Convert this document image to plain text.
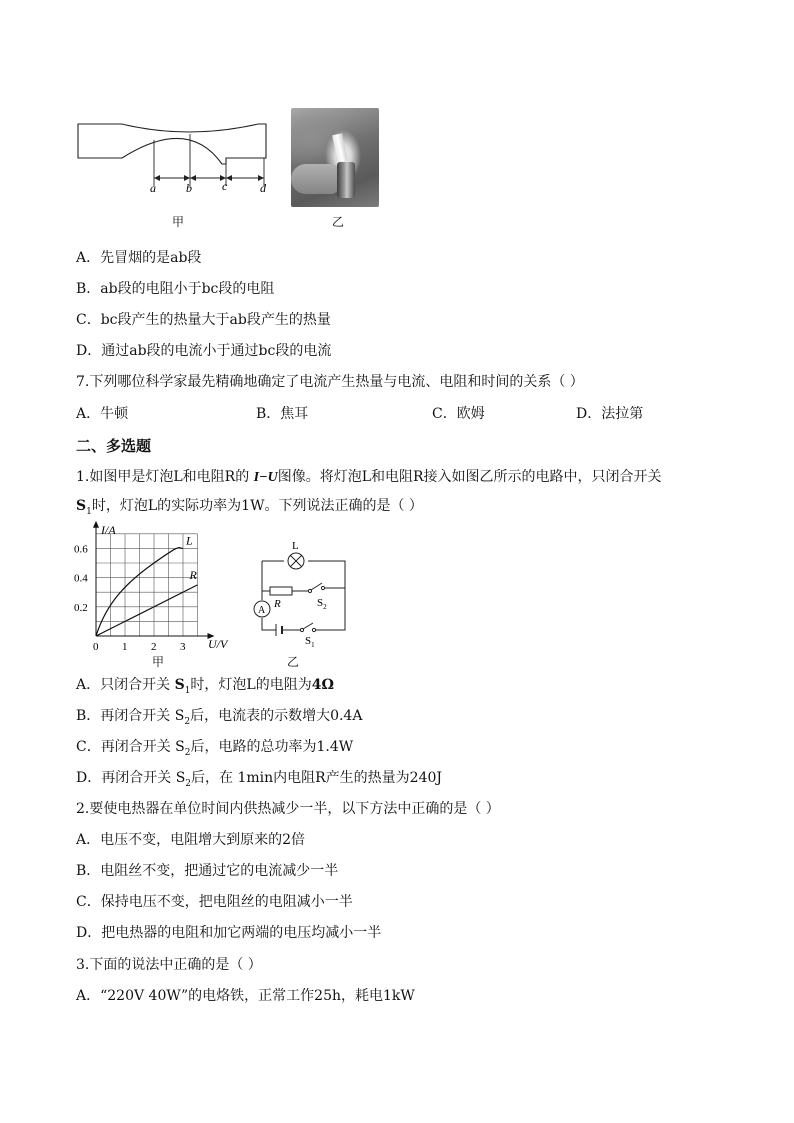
a	b	c	d
甲	乙
A．先冒烟的是ab段
B．ab段的电阻小于bc段的电阻
C．bc段产生的热量大于ab段产生的热量
D．通过ab段的电流小于通过bc段的电流
7.下列哪位科学家最先精确地确定了电流产生热量与电流、电阻和时间的关系（ ）
A．牛顿	B．焦耳	C．欧姆	D．法拉第
二、多选题
1.如图甲是灯泡L和电阻R的 I−U图像。将灯泡L和电阻R接入如图乙所示的电路中，只闭合开关
$S_1$时，灯泡L的实际功率为1W。下列说法正确的是（ ）
L
R
0 1 2 3
0.2
0.4
0.6
I/A
U/V
甲
L
R	$S_2$
A
$S_1$
乙
A．只闭合开关 $S_1$时，灯泡L的电阻为4Ω
B．再闭合开关 $S_2$后，电流表的示数增大0.4A
C．再闭合开关 $S_2$后，电路的总功率为1.4W
D．再闭合开关 $S_2$后，在 1min内电阻R产生的热量为240J
2.要使电热器在单位时间内供热减少一半，以下方法中正确的是（ ）
A．电压不变，电阻增大到原来的2倍
B．电阻丝不变，把通过它的电流减少一半
C．保持电压不变，把电阻丝的电阻减小一半
D．把电热器的电阻和加它两端的电压均减小一半
3.下面的说法中正确的是（ ）
A．“220V 40W”的电烙铁，正常工作25h，耗电1kW
